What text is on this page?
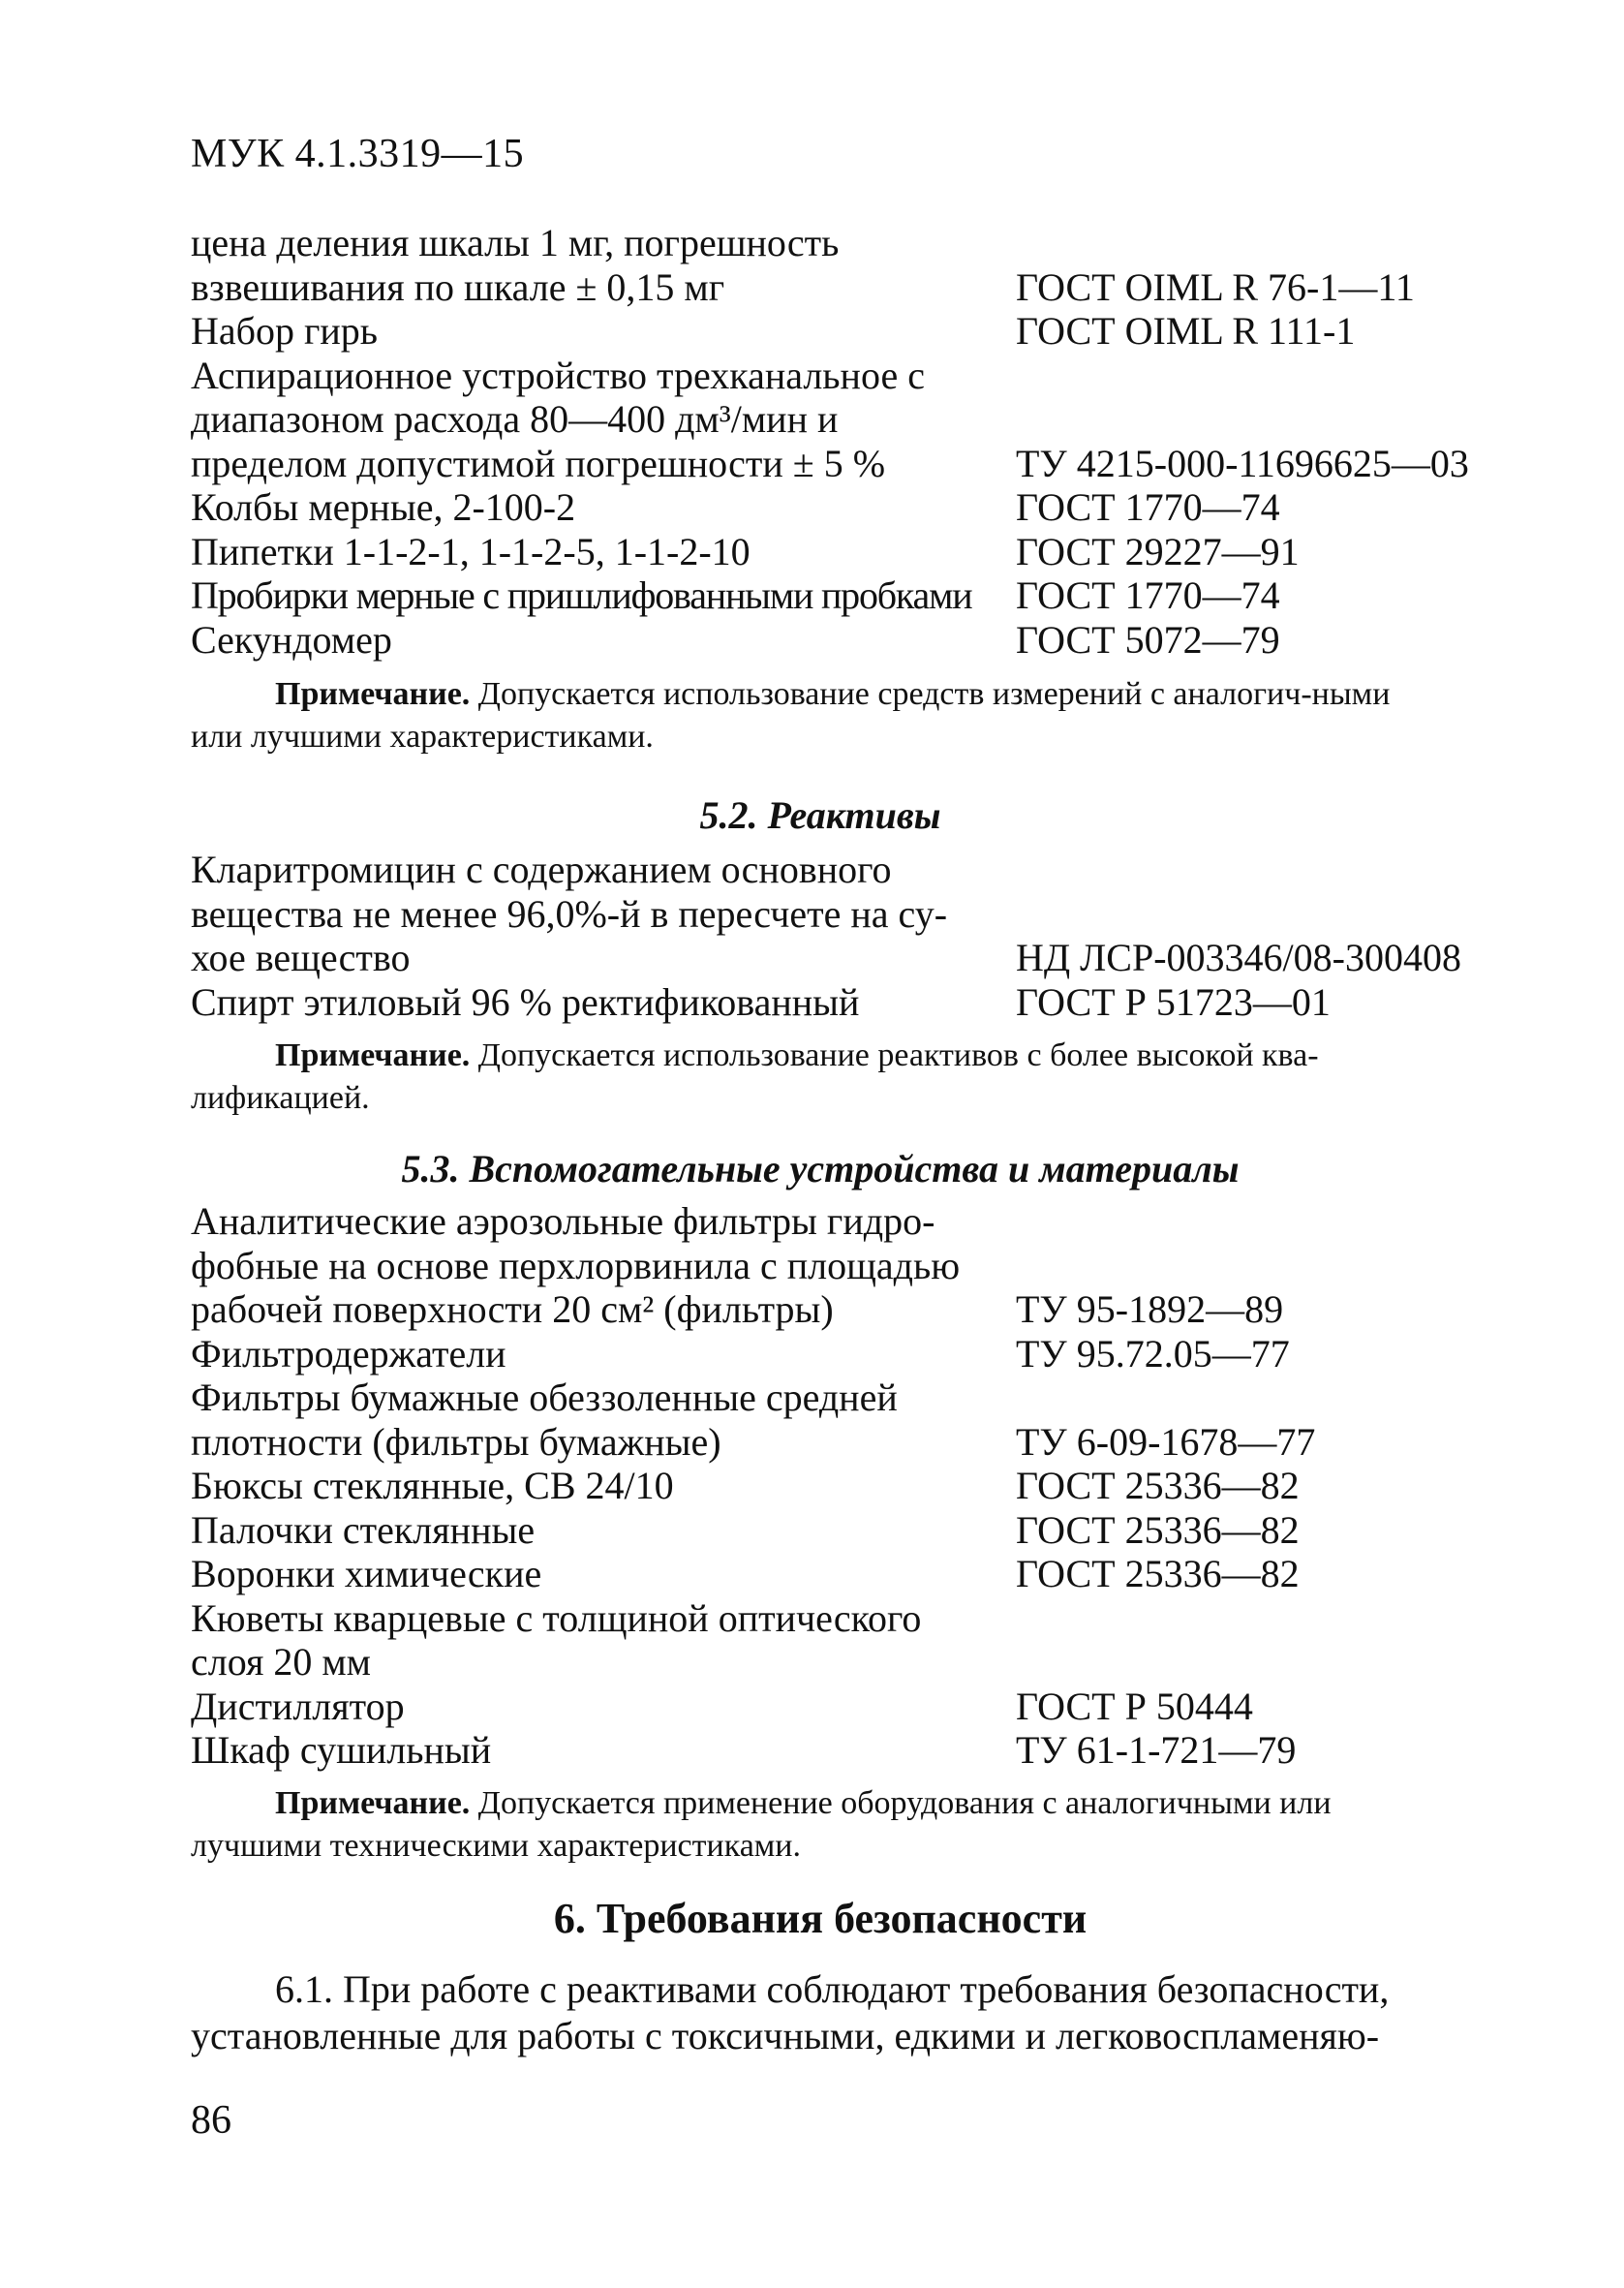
МУК 4.1.3319—15
цена деления шкалы 1 мг, погрешность
взвешивания по шкале ± 0,15 мг	ГОСТ OIML R 76-1—11
Набор гирь	ГОСТ OIML R 111-1
Аспирационное устройство трехканальное с
диапазоном расхода 80—400 дм³/мин и
пределом допустимой погрешности ± 5 %	ТУ 4215-000-11696625—03
Колбы мерные, 2-100-2	ГОСТ 1770—74
Пипетки 1-1-2-1, 1-1-2-5, 1-1-2-10	ГОСТ 29227—91
Пробирки мерные с пришлифованными пробками ГОСТ 1770—74
Секундомер	ГОСТ 5072—79
Примечание. Допускается использование средств измерений с аналогич-ными или лучшими характеристиками.
5.2. Реактивы
Кларитромицин с содержанием основного
вещества не менее 96,0%-й в пересчете на су-
хое вещество	НД ЛСР-003346/08-300408
Спирт этиловый 96 % ректификованный	ГОСТ Р 51723—01
Примечание. Допускается использование реактивов с более высокой ква-лификацией.
5.3. Вспомогательные устройства и материалы
Аналитические аэрозольные фильтры гидро-
фобные на основе перхлорвинила с площадью
рабочей поверхности 20 см² (фильтры)	ТУ 95-1892—89
Фильтродержатели	ТУ 95.72.05—77
Фильтры бумажные обеззоленные средней
плотности (фильтры бумажные)	ТУ 6-09-1678—77
Бюксы стеклянные, СВ 24/10	ГОСТ 25336—82
Палочки стеклянные	ГОСТ 25336—82
Воронки химические	ГОСТ 25336—82
Кюветы кварцевые с толщиной оптического
слоя 20 мм
Дистиллятор	ГОСТ Р 50444
Шкаф сушильный	ТУ 61-1-721—79
Примечание. Допускается применение оборудования с аналогичными или лучшими техническими характеристиками.
6. Требования безопасности
6.1. При работе с реактивами соблюдают требования безопасности, установленные для работы с токсичными, едкими и легковоспламеняю-
86
